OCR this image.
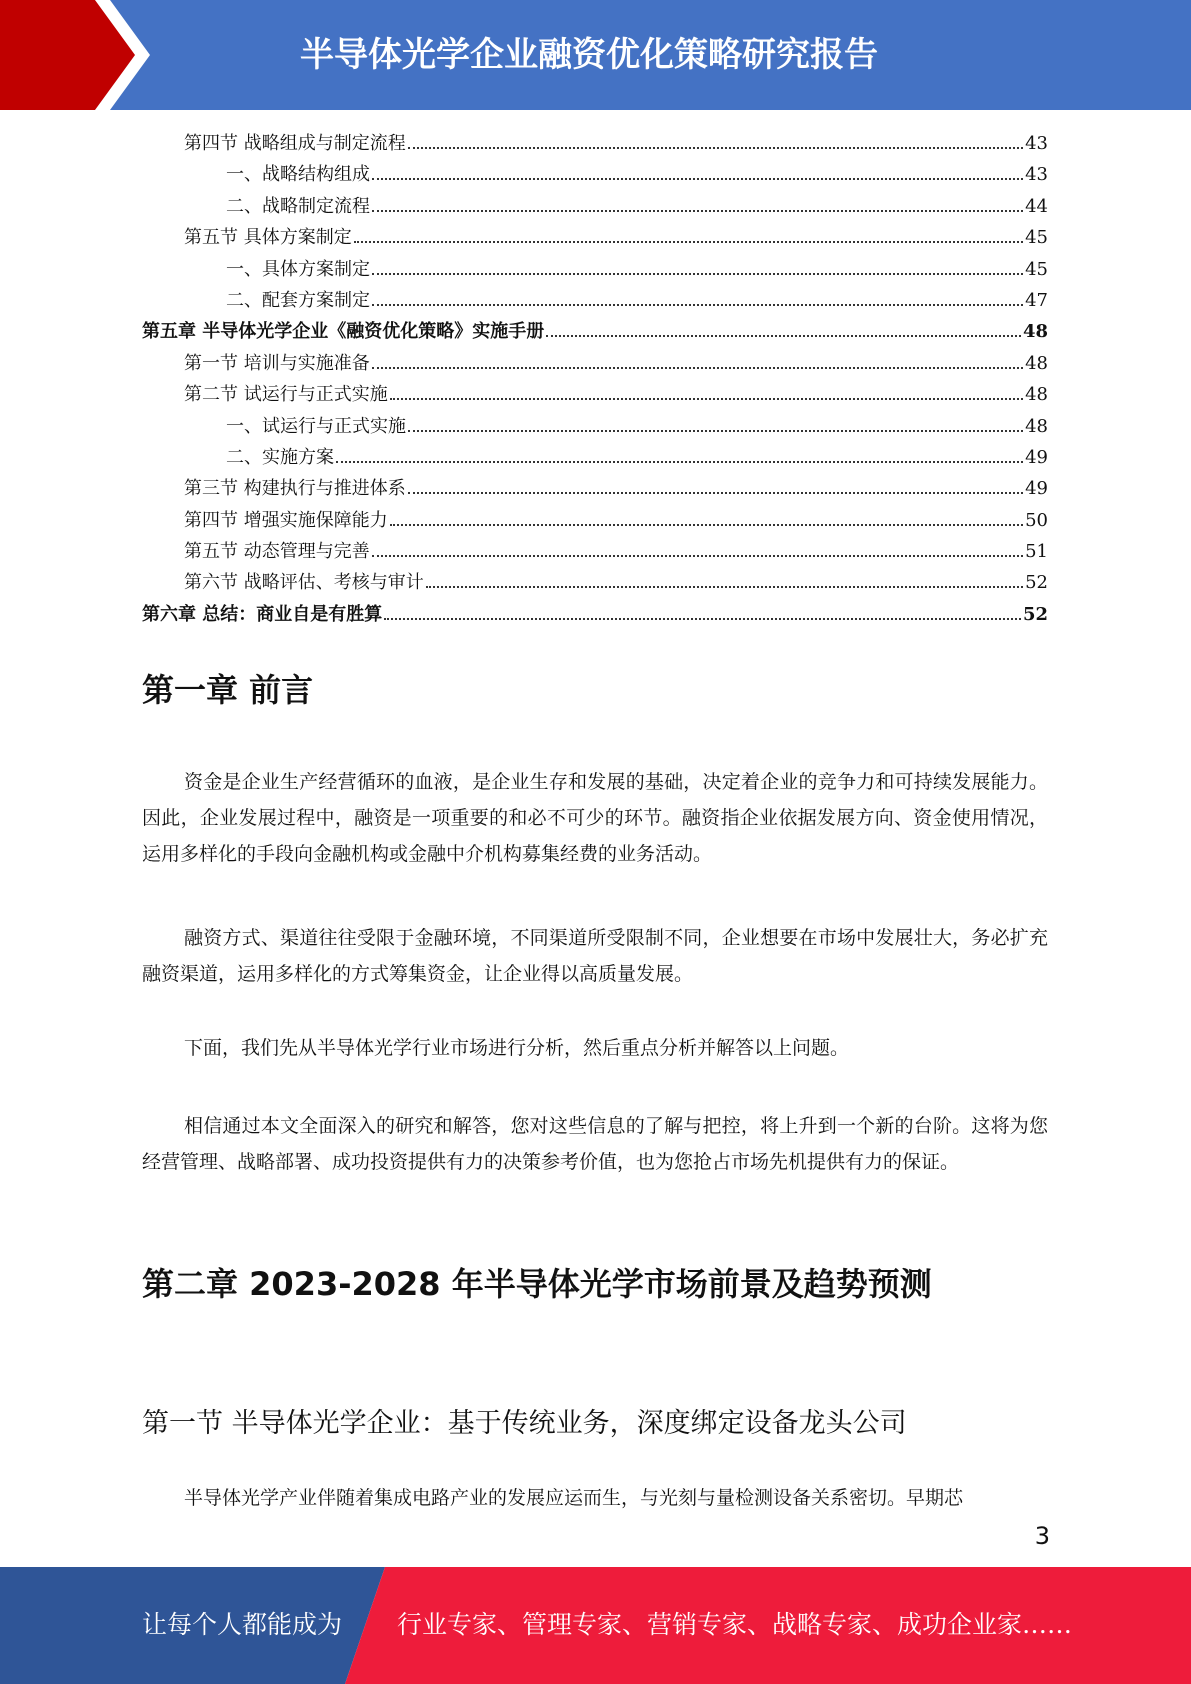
半导体光学企业融资优化策略研究报告
第四节 战略组成与制定流程	43
一、战略结构组成	43
二、战略制定流程	44
第五节 具体方案制定	45
一、具体方案制定	45
二、配套方案制定	47
第五章 半导体光学企业《融资优化策略》实施手册	48
第一节 培训与实施准备	48
第二节 试运行与正式实施	48
一、试运行与正式实施	48
二、实施方案	49
第三节 构建执行与推进体系	49
第四节 增强实施保障能力	50
第五节 动态管理与完善	51
第六节 战略评估、考核与审计	52
第六章 总结：商业自是有胜算	52
第一章 前言

资金是企业生产经营循环的血液，是企业生存和发展的基础，决定着企业的竞争力和可持续发展能力。因此，企业发展过程中，融资是一项重要的和必不可少的环节。融资指企业依据发展方向、资金使用情况，运用多样化的手段向金融机构或金融中介机构募集经费的业务活动。

融资方式、渠道往往受限于金融环境，不同渠道所受限制不同，企业想要在市场中发展壮大，务必扩充融资渠道，运用多样化的方式筹集资金，让企业得以高质量发展。

下面，我们先从半导体光学行业市场进行分析，然后重点分析并解答以上问题。

相信通过本文全面深入的研究和解答，您对这些信息的了解与把控，将上升到一个新的台阶。这将为您经营管理、战略部署、成功投资提供有力的决策参考价值，也为您抢占市场先机提供有力的保证。

第二章 2023-2028 年半导体光学市场前景及趋势预测
第一节 半导体光学企业：基于传统业务，深度绑定设备龙头公司

半导体光学产业伴随着集成电路产业的发展应运而生，与光刻与量检测设备关系密切。早期芯

3
让每个人都能成为 行业专家、管理专家、营销专家、战略专家、成功企业家……
